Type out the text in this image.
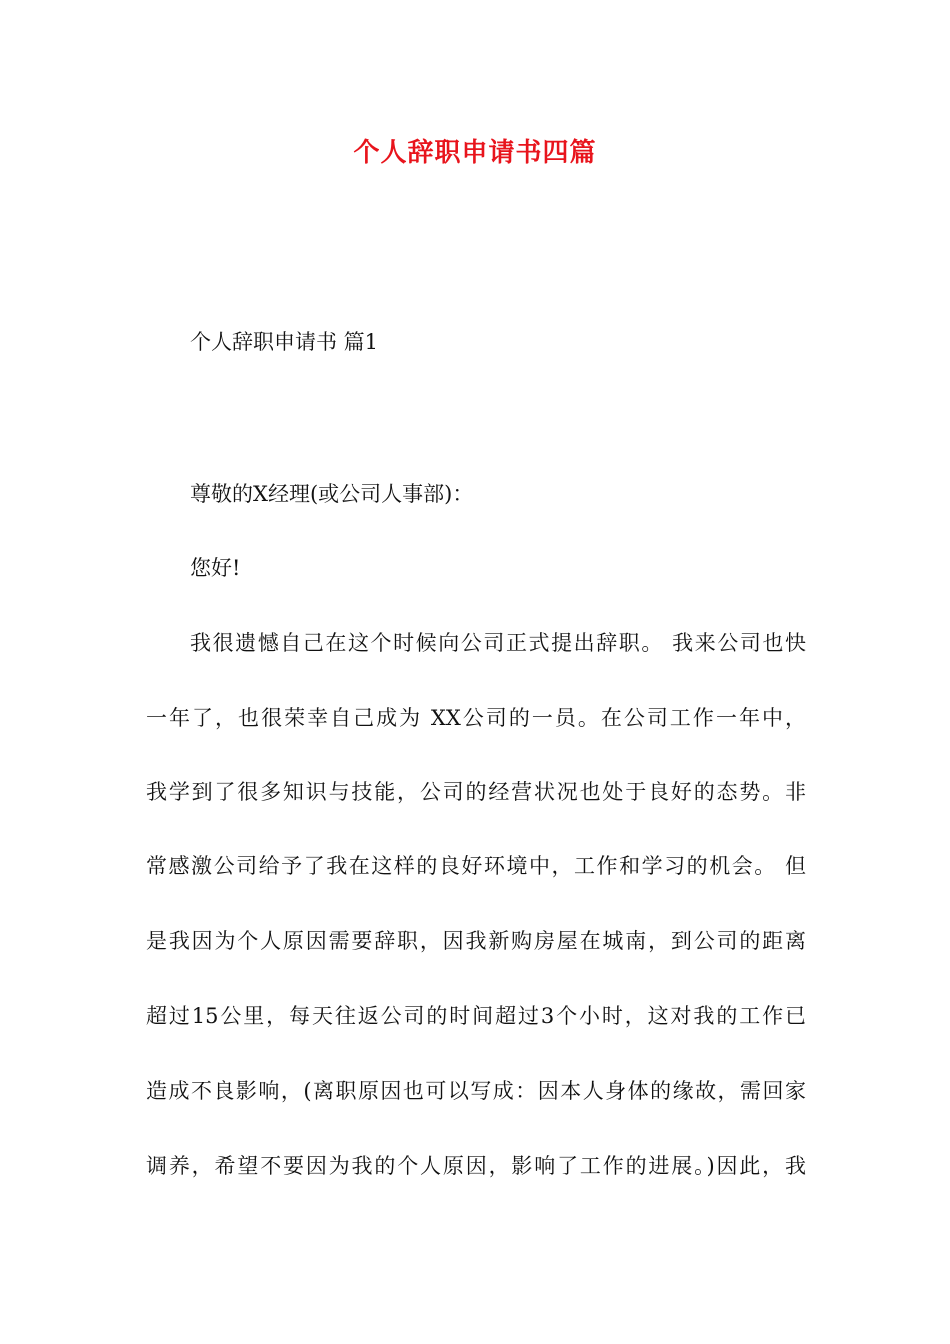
个人辞职申请书四篇
个人辞职申请书 篇1
尊敬的X经理(或公司人事部)：
您好!
我很遗憾自己在这个时候向公司正式提出辞职。 我来公司也快
一年了，也很荣幸自己成为 XX公司的一员。在公司工作一年中，
我学到了很多知识与技能，公司的经营状况也处于良好的态势。非
常感激公司给予了我在这样的良好环境中，工作和学习的机会。 但
是我因为个人原因需要辞职，因我新购房屋在城南，到公司的距离
超过15公里，每天往返公司的时间超过3个小时，这对我的工作已
造成不良影响，(离职原因也可以写成：因本人身体的缘故，需回家
调养，希望不要因为我的个人原因，影响了工作的进展。)因此，我
